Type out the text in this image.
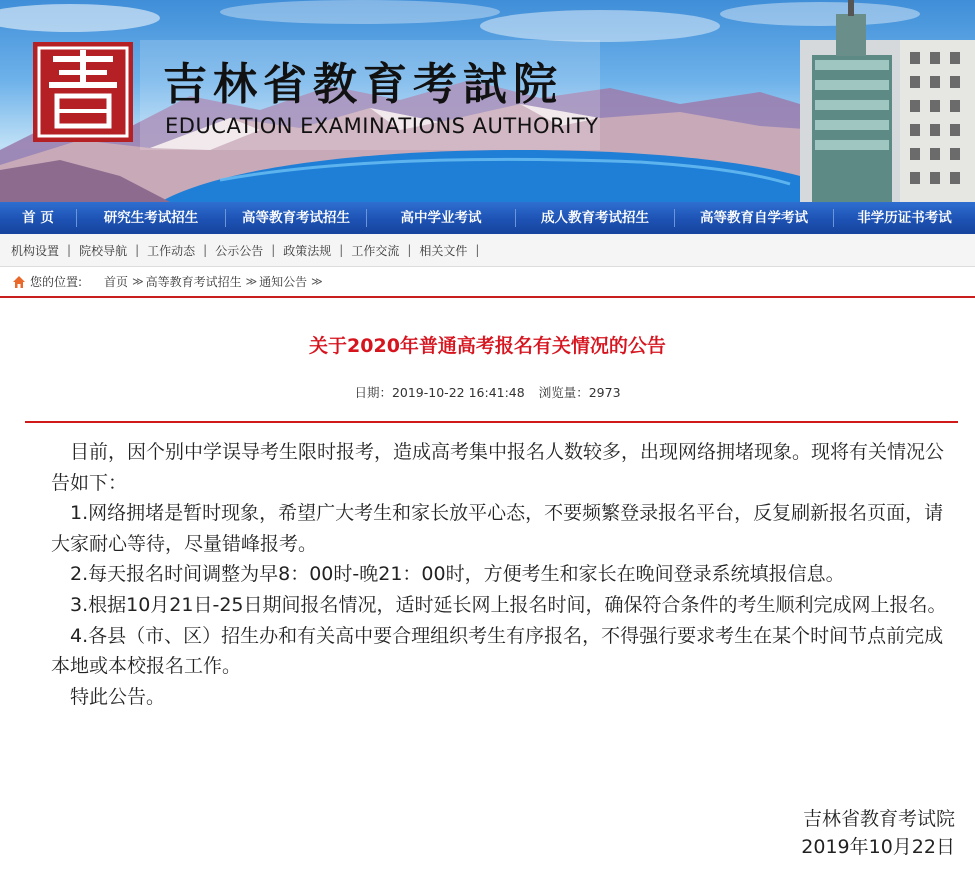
吉林省教育考試院
EDUCATION EXAMINATIONS AUTHORITY
首 页	研究生考试招生	高等教育考试招生	高中学业考试	成人教育考试招生	高等教育自学考试	非学历证书考试
机构设置 | 院校导航 | 工作动态 | 公示公告 | 政策法规 | 工作交流 | 相关文件 |
您的位置: 首页 ≫ 高等教育考试招生 ≫ 通知公告 ≫
关于2020年普通高考报名有关情况的公告
日期：2019-10-22 16:41:48 浏览量：2973

目前，因个别中学误导考生限时报考，造成高考集中报名人数较多，出现网络拥堵现象。现将有关情况公告如下：

1.网络拥堵是暂时现象，希望广大考生和家长放平心态，不要频繁登录报名平台，反复刷新报名页面，请大家耐心等待，尽量错峰报考。

2.每天报名时间调整为早8：00时-晚21：00时，方便考生和家长在晚间登录系统填报信息。

3.根据10月21日-25日期间报名情况，适时延长网上报名时间，确保符合条件的考生顺利完成网上报名。

4.各县（市、区）招生办和有关高中要合理组织考生有序报名，不得强行要求考生在某个时间节点前完成本地或本校报名工作。

特此公告。

吉林省教育考试院
2019年10月22日
